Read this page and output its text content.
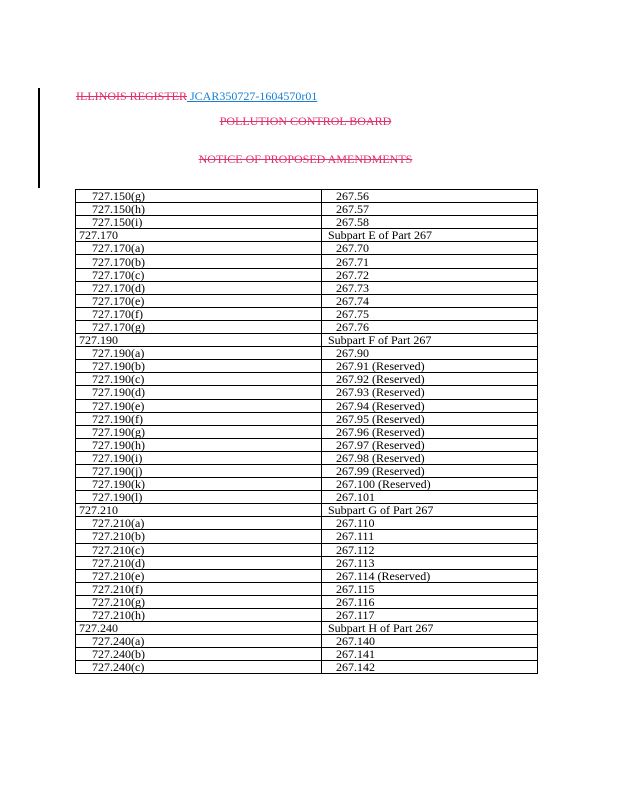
ILLINOIS REGISTER JCAR350727-1604570r01
POLLUTION CONTROL BOARD
NOTICE OF PROPOSED AMENDMENTS
727.150(g)	267.56
727.150(h)	267.57
727.150(i)	267.58
727.170	Subpart E of Part 267
727.170(a)	267.70
727.170(b)	267.71
727.170(c)	267.72
727.170(d)	267.73
727.170(e)	267.74
727.170(f)	267.75
727.170(g)	267.76
727.190	Subpart F of Part 267
727.190(a)	267.90
727.190(b)	267.91 (Reserved)
727.190(c)	267.92 (Reserved)
727.190(d)	267.93 (Reserved)
727.190(e)	267.94 (Reserved)
727.190(f)	267.95 (Reserved)
727.190(g)	267.96 (Reserved)
727.190(h)	267.97 (Reserved)
727.190(i)	267.98 (Reserved)
727.190(j)	267.99 (Reserved)
727.190(k)	267.100 (Reserved)
727.190(l)	267.101
727.210	Subpart G of Part 267
727.210(a)	267.110
727.210(b)	267.111
727.210(c)	267.112
727.210(d)	267.113
727.210(e)	267.114 (Reserved)
727.210(f)	267.115
727.210(g)	267.116
727.210(h)	267.117
727.240	Subpart H of Part 267
727.240(a)	267.140
727.240(b)	267.141
727.240(c)	267.142
